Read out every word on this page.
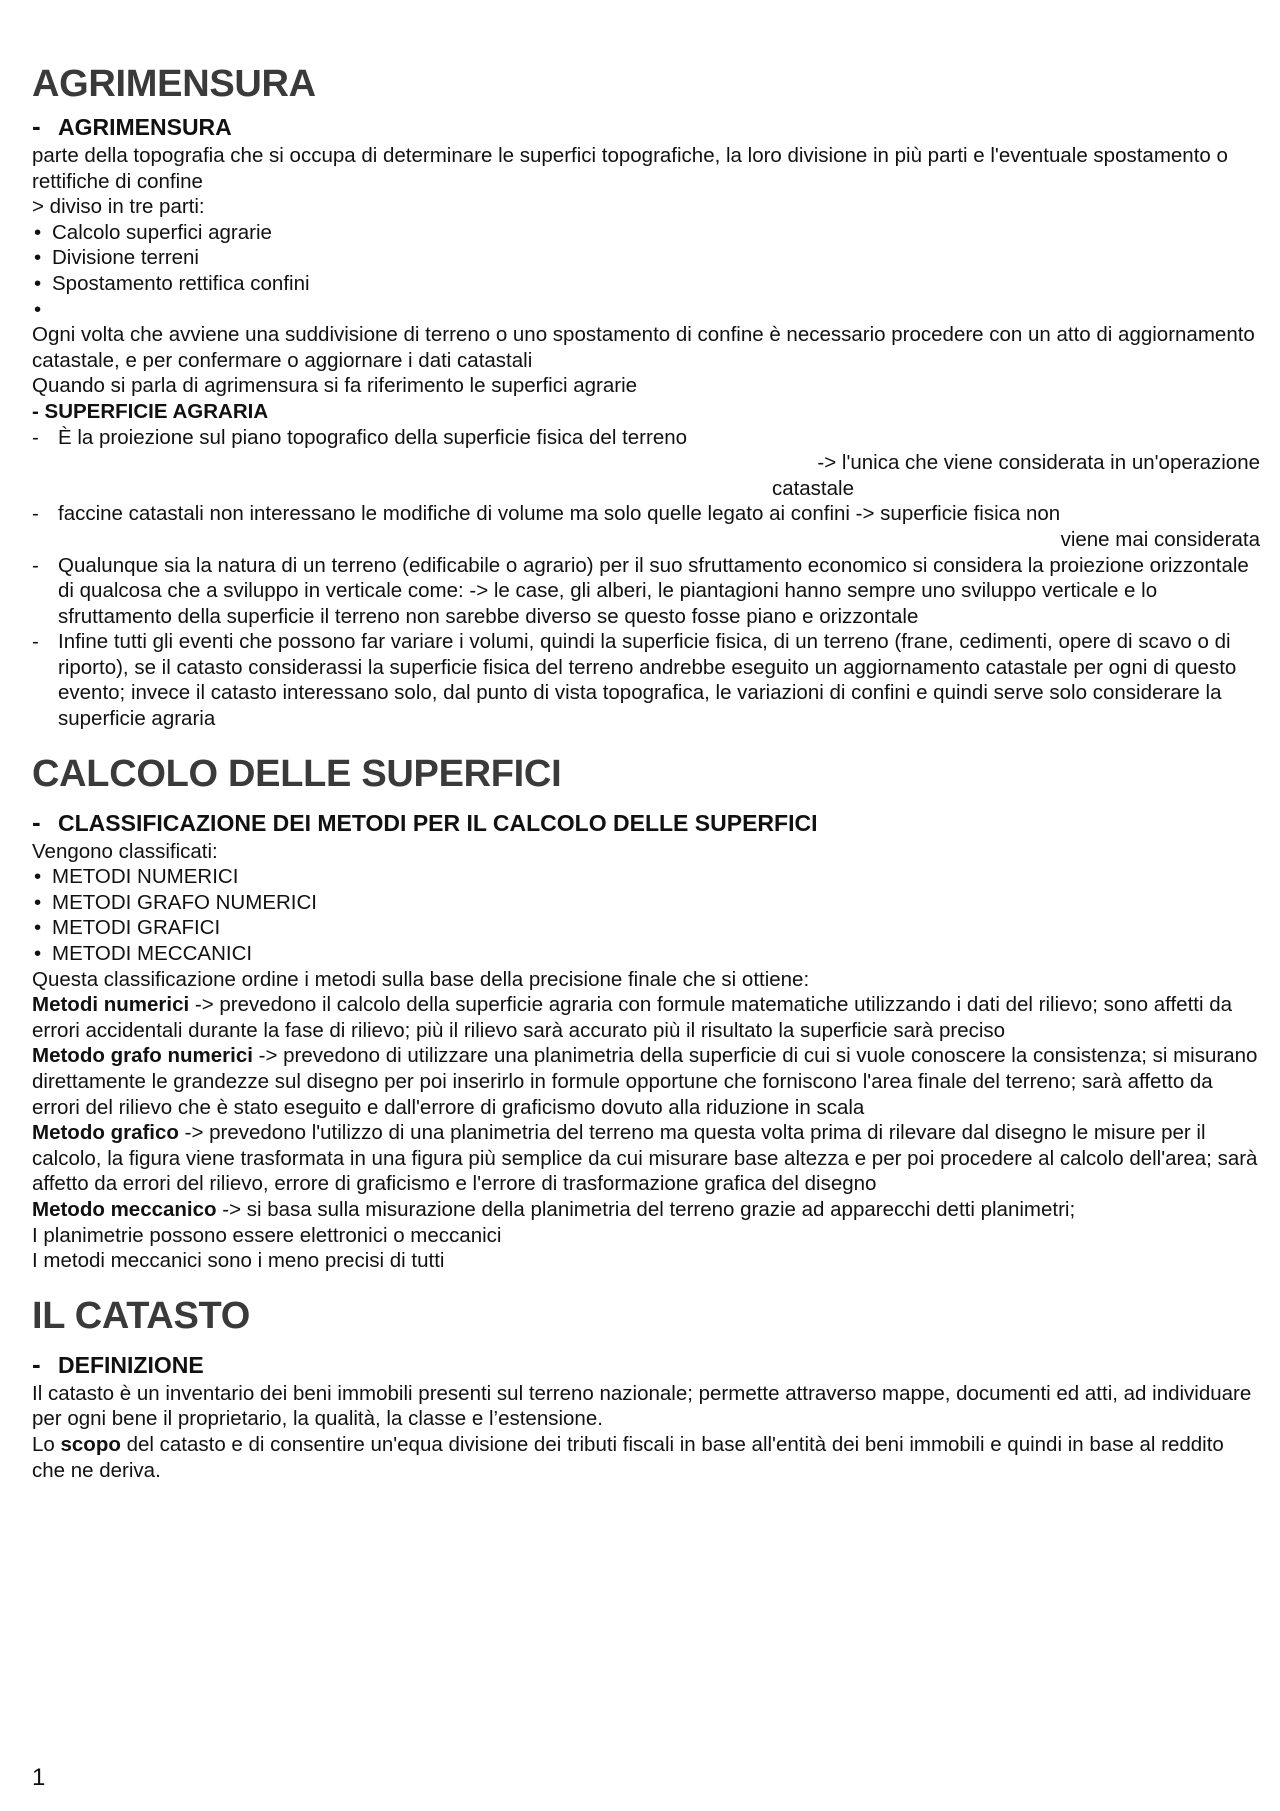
AGRIMENSURA
- AGRIMENSURA

parte della topografia che si occupa di determinare le superfici topografiche, la loro divisione in più parti e l'eventuale spostamento o rettifiche di confine

> diviso in tre parti:

• Calcolo superfici agrarie
• Divisione terreni
• Spostamento rettifica confini
•

Ogni volta che avviene una suddivisione di terreno o uno spostamento di confine è necessario procedere con un atto di aggiornamento catastale, e per confermare o aggiornare i dati catastali

Quando si parla di agrimensura si fa riferimento le superfici agrarie

- SUPERFICIE AGRARIA

- È la proiezione sul piano topografico della superficie fisica del terreno
-> l'unica che viene considerata in un'operazione
catastale
- faccine catastali non interessano le modifiche di volume ma solo quelle legato ai confini -> superficie fisica non
viene mai considerata
- Qualunque sia la natura di un terreno (edificabile o agrario) per il suo sfruttamento economico si considera la proiezione orizzontale di qualcosa che a sviluppo in verticale come: -> le case, gli alberi, le piantagioni hanno sempre uno sviluppo verticale e lo sfruttamento della superficie il terreno non sarebbe diverso se questo fosse piano e orizzontale
- Infine tutti gli eventi che possono far variare i volumi, quindi la superficie fisica, di un terreno (frane, cedimenti, opere di scavo o di riporto), se il catasto considerassi la superficie fisica del terreno andrebbe eseguito un aggiornamento catastale per ogni di questo evento; invece il catasto interessano solo, dal punto di vista topografica, le variazioni di confini e quindi serve solo considerare la superficie agraria
CALCOLO DELLE SUPERFICI
- CLASSIFICAZIONE DEI METODI PER IL CALCOLO DELLE SUPERFICI

Vengono classificati:

• METODI NUMERICI
• METODI GRAFO NUMERICI
• METODI GRAFICI
• METODI MECCANICI

Questa classificazione ordine i metodi sulla base della precisione finale che si ottiene:

Metodi numerici -> prevedono il calcolo della superficie agraria con formule matematiche utilizzando i dati del rilievo; sono affetti da errori accidentali durante la fase di rilievo; più il rilievo sarà accurato più il risultato la superficie sarà preciso

Metodo grafo numerici -> prevedono di utilizzare una planimetria della superficie di cui si vuole conoscere la consistenza; si misurano direttamente le grandezze sul disegno per poi inserirlo in formule opportune che forniscono l'area finale del terreno; sarà affetto da errori del rilievo che è stato eseguito e dall'errore di graficismo dovuto alla riduzione in scala

Metodo grafico -> prevedono l'utilizzo di una planimetria del terreno ma questa volta prima di rilevare dal disegno le misure per il calcolo, la figura viene trasformata in una figura più semplice da cui misurare base altezza e per poi procedere al calcolo dell'area; sarà affetto da errori del rilievo, errore di graficismo e l'errore di trasformazione grafica del disegno

Metodo meccanico -> si basa sulla misurazione della planimetria del terreno grazie ad apparecchi detti planimetri;

I planimetrie possono essere elettronici o meccanici

I metodi meccanici sono i meno precisi di tutti

IL CATASTO
- DEFINIZIONE

Il catasto è un inventario dei beni immobili presenti sul terreno nazionale; permette attraverso mappe, documenti ed atti, ad individuare per ogni bene il proprietario, la qualità, la classe e l’estensione.

Lo scopo del catasto e di consentire un'equa divisione dei tributi fiscali in base all'entità dei beni immobili e quindi in base al reddito che ne deriva.

1
